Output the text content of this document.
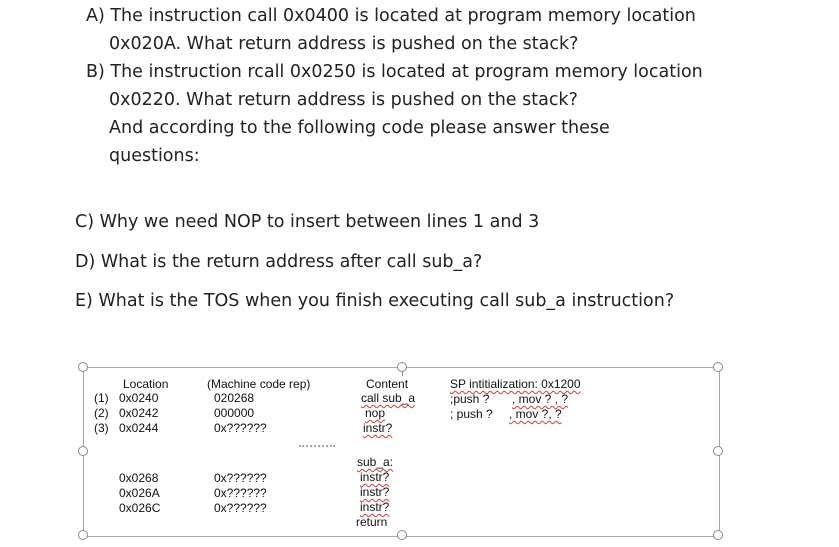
A) The instruction call 0x0400 is located at program memory location
0x020A. What return address is pushed on the stack?
B) The instruction rcall 0x0250 is located at program memory location
0x0220. What return address is pushed on the stack?
And according to the following code please answer these
questions:
C) Why we need NOP to insert between lines 1 and 3
D) What is the return address after call sub_a?
E) What is the TOS when you finish executing call sub_a instruction?
Location
(1) 0x0240
(2) 0x0242
(3) 0x0244
(Machine code rep)
020268
000000
0x??????
Content
call sub_a
nop
instr?
SP intitialization: 0x1200
;push ? , mov ? , ?
; push ? , mov ?, ?
0x0268
0x026A
0x026C
0x??????
0x??????
0x??????
sub_a:
instr?
instr?
instr?
return
